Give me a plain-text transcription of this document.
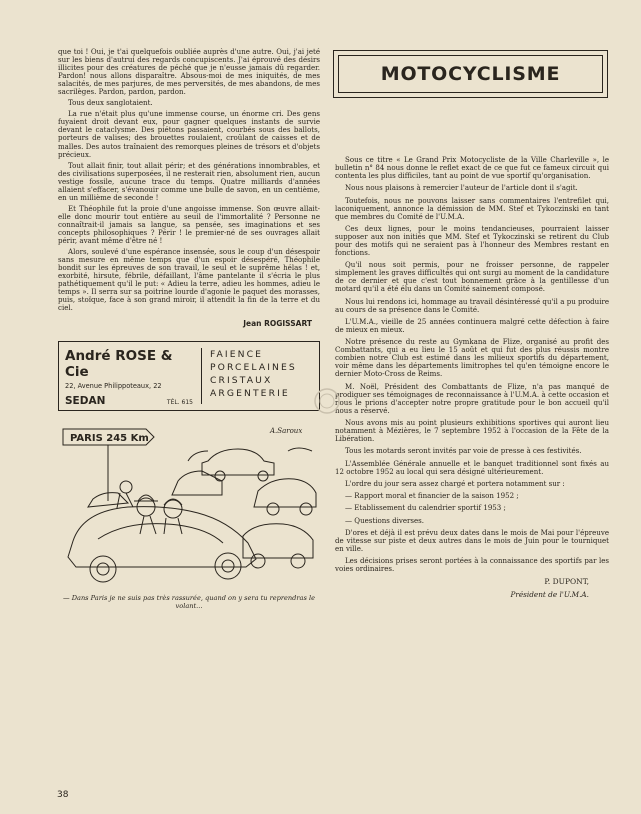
que toi ! Oui, je t'ai quelquefois oubliée auprès d'une autre. Oui, j'ai jeté sur les biens d'autrui des regards concupiscents. J'ai éprouvé des désirs illicites pour des créatures de péché que je n'eusse jamais dû regarder. Pardon! nous allons disparaître. Absous-moi de mes iniquités, de mes salacités, de mes parjures, de mes perversités, de mes abandons, de mes sacrilèges. Pardon, pardon, pardon.

Tous deux sanglotaient.

La rue n'était plus qu'une immense course, un énorme cri. Des gens fuyaient droit devant eux, pour gagner quelques instants de survie devant le cataclysme. Des piétons passaient, courbés sous des ballots, porteurs de valises; des brouettes roulaient, croûlant de caisses et de malles. Des autos traînaient des remorques pleines de trésors et d'objets précieux.

Tout allait finir, tout allait périr; et des générations innombrables, et des civilisations superposées, il ne resterait rien, absolument rien, aucun vestige fossile, aucune trace du temps. Quatre milliards d'années allaient s'effacer, s'évanouir comme une bulle de savon, en un centième, en un millième de seconde !

Et Théophile fut la proie d'une angoisse immense. Son œuvre allait-elle donc mourir tout entière au seuil de l'immortalité ? Personne ne connaîtrait-il jamais sa langue, sa pensée, ses imaginations et ses concepts philosophiques ? Périr ! le premier-né de ses ouvrages allait périr, avant même d'être né !

Alors, soulevé d'une espérance insensée, sous le coup d'un désespoir sans mesure en même temps que d'un espoir désespéré, Théophile bondit sur les épreuves de son travail, le seul et le suprême hélas ! et, exorbité, hirsute, fébrile, défaillant, l'âme pantelante il s'écria le plus pathétiquement qu'il le put: « Adieu la terre, adieu les hommes, adieu le temps ». Il serra sur sa poitrine lourde d'agonie le paquet des morasses, puis, stoïque, face à son grand miroir, il attendit la fin de la terre et du ciel.

Jean ROGISSART

André ROSE & Cie
22, Avenue Philippoteaux, 22
SEDAN	TÉL. 615
FAIENCE
PORCELAINES
CRISTAUX
ARGENTERIE
PARIS 245 Km
A.Saroux

— Dans Paris je ne suis pas très rassurée, quand on y sera tu reprendras le volant...

MOTOCYCLISME

Sous ce titre « Le Grand Prix Motocycliste de la Ville Charleville », le bulletin n° 84 nous donne le reflet exact de ce que fut ce fameux circuit qui contenta les plus difficiles, tant au point de vue sportif qu'organisation.

Nous nous plaisons à remercier l'auteur de l'article dont il s'agit.

Toutefois, nous ne pouvons laisser sans commentaires l'entrefilet qui, laconiquement, annonce la démission de MM. Stef et Tykoczinski en tant que membres du Comité de l'U.M.A.

Ces deux lignes, pour le moins tendancieuses, pourraient laisser supposer aux non initiés que MM. Stef et Tykoczinski se retirent du Club pour des motifs qui ne seraient pas à l'honneur des Membres restant en fonctions.

Qu'il nous soit permis, pour ne froisser personne, de rappeler simplement les graves difficultés qui ont surgi au moment de la candidature de ce dernier et que c'est tout bonnement grâce à la gentillesse d'un motard qu'il a été élu dans un Comité sainement composé.

Nous lui rendons ici, hommage au travail désintéressé qu'il a pu produire au cours de sa présence dans le Comité.

L'U.M.A., vieille de 25 années continuera malgré cette défection à faire de mieux en mieux.

Notre présence du reste au Gymkana de Flize, organisé au profit des Combattants, qui a eu lieu le 15 août et qui fut des plus réussis montre combien notre Club est estimé dans les milieux sportifs du département, voir même dans les départements limitrophes tel qu'en témoigne encore le dernier Moto-Cross de Reims.

M. Noël, Président des Combattants de Flize, n'a pas manqué de prodiguer ses témoignages de reconnaissance à l'U.M.A. à cette occasion et nous le prions d'accepter notre propre gratitude pour le bon accueil qu'il nous a réservé.

Nous avons mis au point plusieurs exhibitions sportives qui auront lieu notamment à Mézières, le 7 septembre 1952 à l'occasion de la Fête de la Libération.

Tous les motards seront invités par voie de presse à ces festivités.

L'Assemblée Générale annuelle et le banquet traditionnel sont fixés au 12 octobre 1952 au local qui sera désigné ultérieurement.

L'ordre du jour sera assez chargé et portera notamment sur :

— Rapport moral et financier de la saison 1952 ;

— Etablissement du calendrier sportif 1953 ;

— Questions diverses.

D'ores et déjà il est prévu deux dates dans le mois de Mai pour l'épreuve de vitesse sur piste et deux autres dans le mois de Juin pour le tourniquet en ville.

Les décisions prises seront portées à la connaissance des sportifs par les voies ordinaires.

P. DUPONT,
Président de l'U.M.A.
38
